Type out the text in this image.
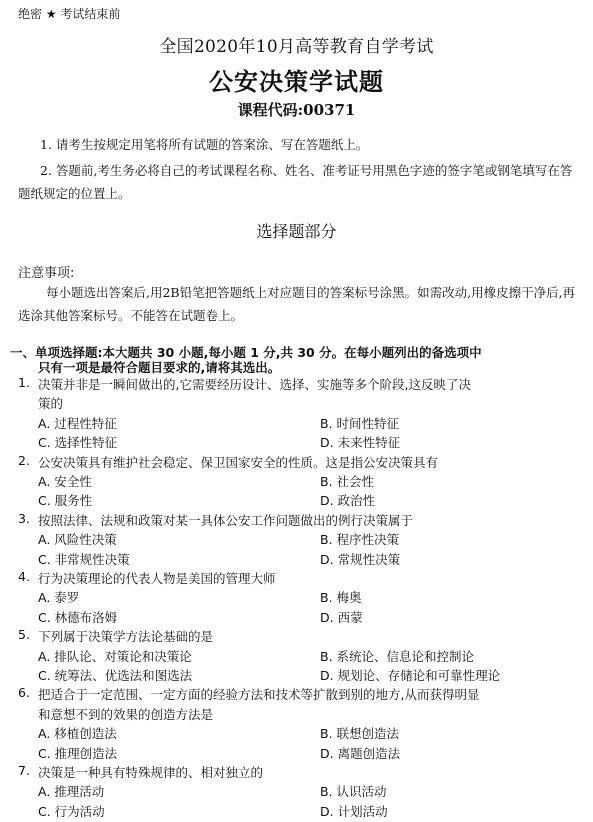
绝密 ★ 考试结束前
全国2020年10月高等教育自学考试
公安决策学试题
课程代码:00371
1. 请考生按规定用笔将所有试题的答案涂、写在答题纸上。
2. 答题前,考生务必将自己的考试课程名称、姓名、准考证号用黑色字迹的签字笔或钢笔填写在答题纸规定的位置上。
选择题部分
注意事项:
每小题选出答案后,用2B铅笔把答题纸上对应题目的答案标号涂黑。如需改动,用橡皮擦干净后,再选涂其他答案标号。不能答在试题卷上。
一、单项选择题:本大题共 30 小题,每小题 1 分,共 30 分。在每小题列出的备选项中
只有一项是最符合题目要求的,请将其选出。
1. 决策并非是一瞬间做出的,它需要经历设计、选择、实施等多个阶段,这反映了决
策的
A. 过程性特征	B. 时间性特征
C. 选择性特征	D. 未来性特征
2. 公安决策具有维护社会稳定、保卫国家安全的性质。这是指公安决策具有
A. 安全性	B. 社会性
C. 服务性	D. 政治性
3. 按照法律、法规和政策对某一具体公安工作问题做出的例行决策属于
A. 风险性决策	B. 程序性决策
C. 非常规性决策	D. 常规性决策
4. 行为决策理论的代表人物是美国的管理大师
A. 泰罗	B. 梅奥
C. 林德布洛姆	D. 西蒙
5. 下列属于决策学方法论基础的是
A. 排队论、对策论和决策论	B. 系统论、信息论和控制论
C. 统筹法、优选法和图选法	D. 规划论、存储论和可靠性理论
6. 把适合于一定范围、一定方面的经验方法和技术等扩散到别的地方,从而获得明显
和意想不到的效果的创造方法是
A. 移植创造法	B. 联想创造法
C. 推理创造法	D. 离题创造法
7. 决策是一种具有特殊规律的、相对独立的
A. 推理活动	B. 认识活动
C. 行为活动	D. 计划活动
